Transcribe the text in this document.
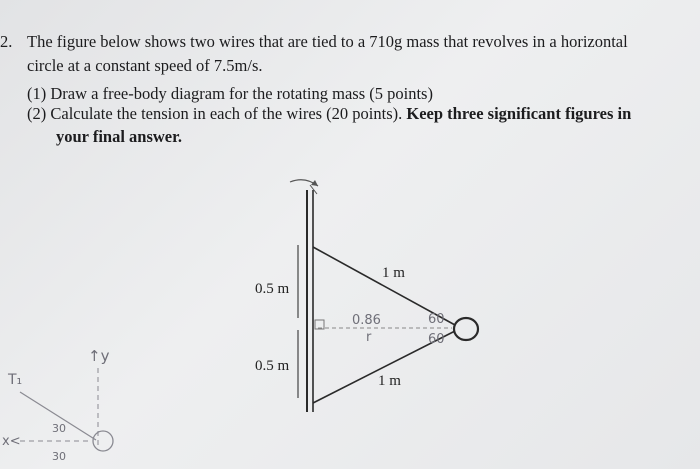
2. The figure below shows two wires that are tied to a 710g mass that revolves in a horizontal
circle at a constant speed of 7.5m/s.
(1) Draw a free-body diagram for the rotating mass (5 points)
(2) Calculate the tension in each of the wires (20 points). Keep three significant figures in
your final answer.
0.5 m
0.5 m
1 m
1 m
0.86
r
60
60
↑y
T₁
x<
30
30
